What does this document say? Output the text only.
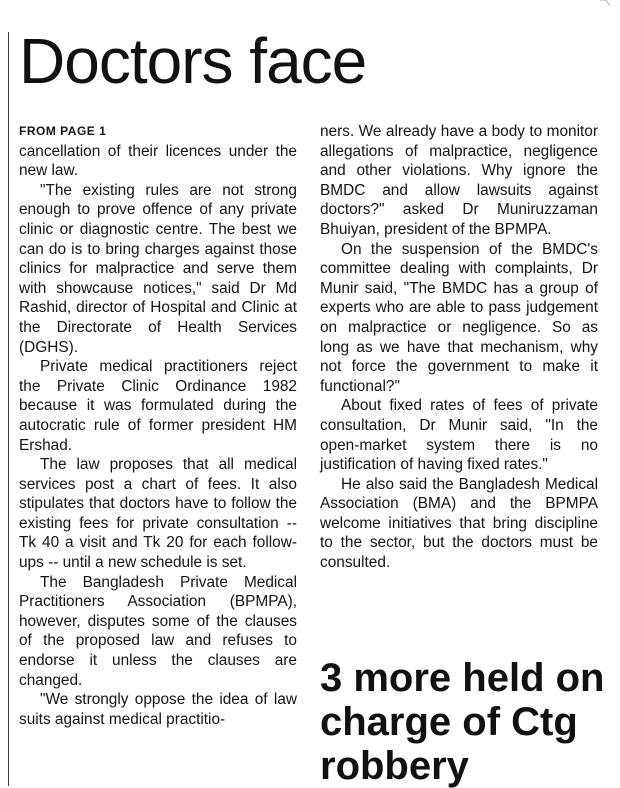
Doctors face

FROM PAGE 1

cancellation of their licences under the new law.

"The existing rules are not strong enough to prove offence of any private clinic or diagnostic centre. The best we can do is to bring charges against those clinics for malpractice and serve them with showcause notices," said Dr Md Rashid, director of Hospital and Clinic at the Directorate of Health Services (DGHS).

Private medical practitioners reject the Private Clinic Ordinance 1982 because it was formulated during the autocratic rule of former president HM Ershad.

The law proposes that all medical services post a chart of fees. It also stipulates that doctors have to follow the existing fees for private consultation -- Tk 40 a visit and Tk 20 for each follow-ups -- until a new schedule is set.

The Bangladesh Private Medical Practitioners Association (BPMPA), however, disputes some of the clauses of the proposed law and refuses to endorse it unless the clauses are changed.

"We strongly oppose the idea of law suits against medical practitio-

ners. We already have a body to monitor allegations of malpractice, negligence and other violations. Why ignore the BMDC and allow lawsuits against doctors?" asked Dr Muniruzzaman Bhuiyan, president of the BPMPA.

On the suspension of the BMDC's committee dealing with complaints, Dr Munir said, "The BMDC has a group of experts who are able to pass judgement on malpractice or negligence. So as long as we have that mechanism, why not force the government to make it functional?"

About fixed rates of fees of private consultation, Dr Munir said, "In the open-market system there is no justification of having fixed rates."

He also said the Bangladesh Medical Association (BMA) and the BPMPA welcome initiatives that bring discipline to the sector, but the doctors must be consulted.

3 more held on charge of Ctg robbery
